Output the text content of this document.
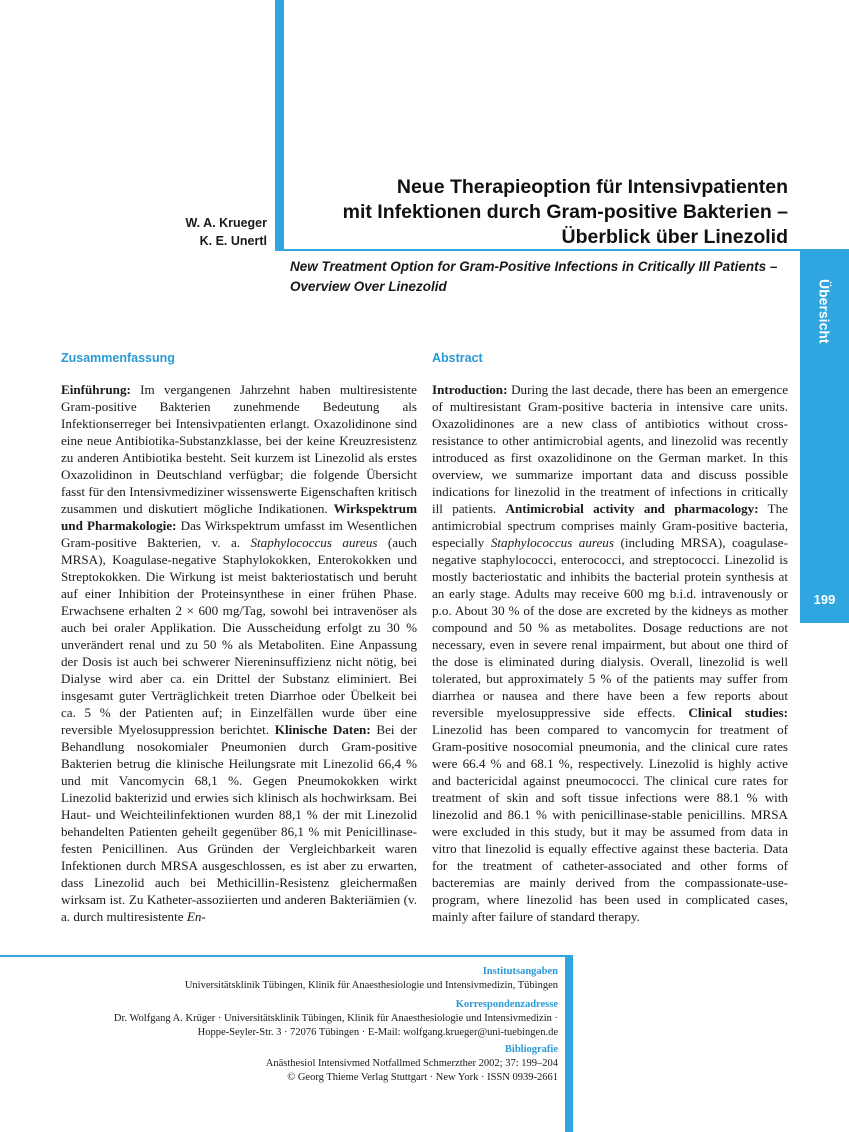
Übersicht
199
W. A. Krueger
K. E. Unertl
Neue Therapieoption für Intensivpatienten
mit Infektionen durch Gram-positive Bakterien –
Überblick über Linezolid
New Treatment Option for Gram-Positive Infections in Critically Ill Patients –
Overview Over Linezolid
Zusammenfassung	Abstract
Einführung: Im vergangenen Jahrzehnt haben multiresistente Gram-positive Bakterien zunehmende Bedeutung als Infektionserreger bei Intensivpatienten erlangt. Oxazolidinone sind eine neue Antibiotika-Substanzklasse, bei der keine Kreuzresistenz zu anderen Antibiotika besteht. Seit kurzem ist Linezolid als erstes Oxazolidinon in Deutschland verfügbar; die folgende Übersicht fasst für den Intensivmediziner wissenswerte Eigenschaften kritisch zusammen und diskutiert mögliche Indikationen. Wirkspektrum und Pharmakologie: Das Wirkspektrum umfasst im Wesentlichen Gram-positive Bakterien, v. a. Staphylococcus aureus (auch MRSA), Koagulase-negative Staphylokokken, Enterokokken und Streptokokken. Die Wirkung ist meist bakteriostatisch und beruht auf einer Inhibition der Proteinsynthese in einer frühen Phase. Erwachsene erhalten 2 × 600 mg/Tag, sowohl bei intravenöser als auch bei oraler Applikation. Die Ausscheidung erfolgt zu 30 % unverändert renal und zu 50 % als Metaboliten. Eine Anpassung der Dosis ist auch bei schwerer Niereninsuffizienz nicht nötig, bei Dialyse wird aber ca. ein Drittel der Substanz eliminiert. Bei insgesamt guter Verträglichkeit treten Diarrhoe oder Übelkeit bei ca. 5 % der Patienten auf; in Einzelfällen wurde über eine reversible Myelosuppression berichtet. Klinische Daten: Bei der Behandlung nosokomialer Pneumonien durch Gram-positive Bakterien betrug die klinische Heilungsrate mit Linezolid 66,4 % und mit Vancomycin 68,1 %. Gegen Pneumokokken wirkt Linezolid bakterizid und erwies sich klinisch als hochwirksam. Bei Haut- und Weichteilinfektionen wurden 88,1 % der mit Linezolid behandelten Patienten geheilt gegenüber 86,1 % mit Penicillinase-festen Penicillinen. Aus Gründen der Vergleichbarkeit waren Infektionen durch MRSA ausgeschlossen, es ist aber zu erwarten, dass Linezolid auch bei Methicillin-Resistenz gleichermaßen wirksam ist. Zu Katheter-assoziierten und anderen Bakteriämien (v. a. durch multiresistente En-
Introduction: During the last decade, there has been an emergence of multiresistant Gram-positive bacteria in intensive care units. Oxazolidinones are a new class of antibiotics without cross-resistance to other antimicrobial agents, and linezolid was recently introduced as first oxazolidinone on the German market. In this overview, we summarize important data and discuss possible indications for linezolid in the treatment of infections in critically ill patients. Antimicrobial activity and pharmacology: The antimicrobial spectrum comprises mainly Gram-positive bacteria, especially Staphylococcus aureus (including MRSA), coagulase-negative staphylococci, enterococci, and streptococci. Linezolid is mostly bacteriostatic and inhibits the bacterial protein synthesis at an early stage. Adults may receive 600 mg b.i.d. intravenously or p.o. About 30 % of the dose are excreted by the kidneys as mother compound and 50 % as metabolites. Dosage reductions are not necessary, even in severe renal impairment, but about one third of the dose is eliminated during dialysis. Overall, linezolid is well tolerated, but approximately 5 % of the patients may suffer from diarrhea or nausea and there have been a few reports about reversible myelosuppressive side effects. Clinical studies: Linezolid has been compared to vancomycin for treatment of Gram-positive nosocomial pneumonia, and the clinical cure rates were 66.4 % and 68.1 %, respectively. Linezolid is highly active and bactericidal against pneumococci. The clinical cure rates for treatment of skin and soft tissue infections were 88.1 % with linezolid and 86.1 % with penicillinase-stable penicillins. MRSA were excluded in this study, but it may be assumed from data in vitro that linezolid is equally effective against these bacteria. Data for the treatment of catheter-associated and other forms of bacteremias are mainly derived from the compassionate-use-program, where linezolid has been used in complicated cases, mainly after failure of standard therapy.
Institutsangaben
Universitätsklinik Tübingen, Klinik für Anaesthesiologie und Intensivmedizin, Tübingen
Korrespondenzadresse
Dr. Wolfgang A. Krüger · Universitätsklinik Tübingen, Klinik für Anaesthesiologie und Intensivmedizin ·
Hoppe-Seyler-Str. 3 · 72076 Tübingen · E-Mail: wolfgang.krueger@uni-tuebingen.de
Bibliografie
Anästhesiol Intensivmed Notfallmed Schmerzther 2002; 37: 199–204
© Georg Thieme Verlag Stuttgart · New York · ISSN 0939-2661
